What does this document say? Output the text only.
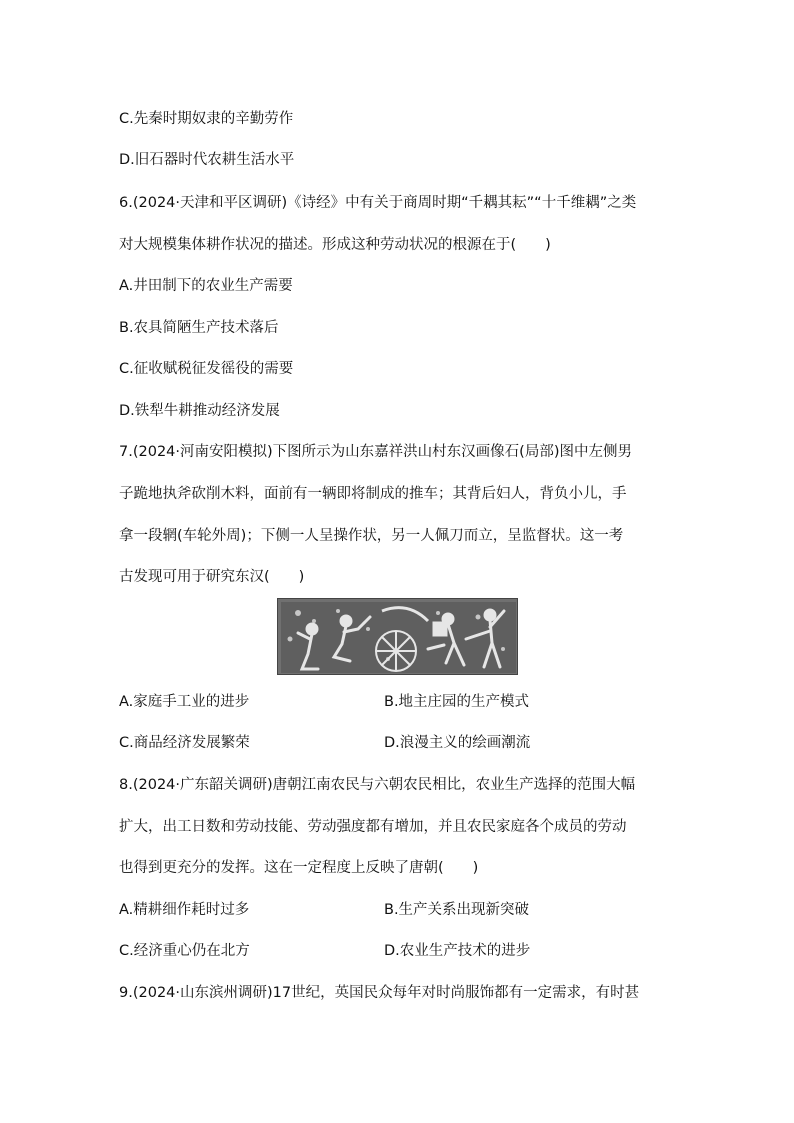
C.先秦时期奴隶的辛勤劳作
D.旧石器时代农耕生活水平
6.(2024·天津和平区调研)《诗经》中有关于商周时期“千耦其耘”“十千维耦”之类
对大规模集体耕作状况的描述。形成这种劳动状况的根源在于(　　)
A.井田制下的农业生产需要
B.农具简陋生产技术落后
C.征收赋税征发徭役的需要
D.铁犁牛耕推动经济发展
7.(2024·河南安阳模拟)下图所示为山东嘉祥洪山村东汉画像石(局部)图中左侧男
子跪地执斧砍削木料，面前有一辆即将制成的推车；其背后妇人，背负小儿，手
拿一段辋(车轮外周)；下侧一人呈操作状，另一人佩刀而立，呈监督状。这一考
古发现可用于研究东汉(　　)
A.家庭手工业的进步	B.地主庄园的生产模式
C.商品经济发展繁荣	D.浪漫主义的绘画潮流
8.(2024·广东韶关调研)唐朝江南农民与六朝农民相比，农业生产选择的范围大幅
扩大，出工日数和劳动技能、劳动强度都有增加，并且农民家庭各个成员的劳动
也得到更充分的发挥。这在一定程度上反映了唐朝(　　)
A.精耕细作耗时过多	B.生产关系出现新突破
C.经济重心仍在北方	D.农业生产技术的进步
9.(2024·山东滨州调研)17世纪，英国民众每年对时尚服饰都有一定需求，有时甚
